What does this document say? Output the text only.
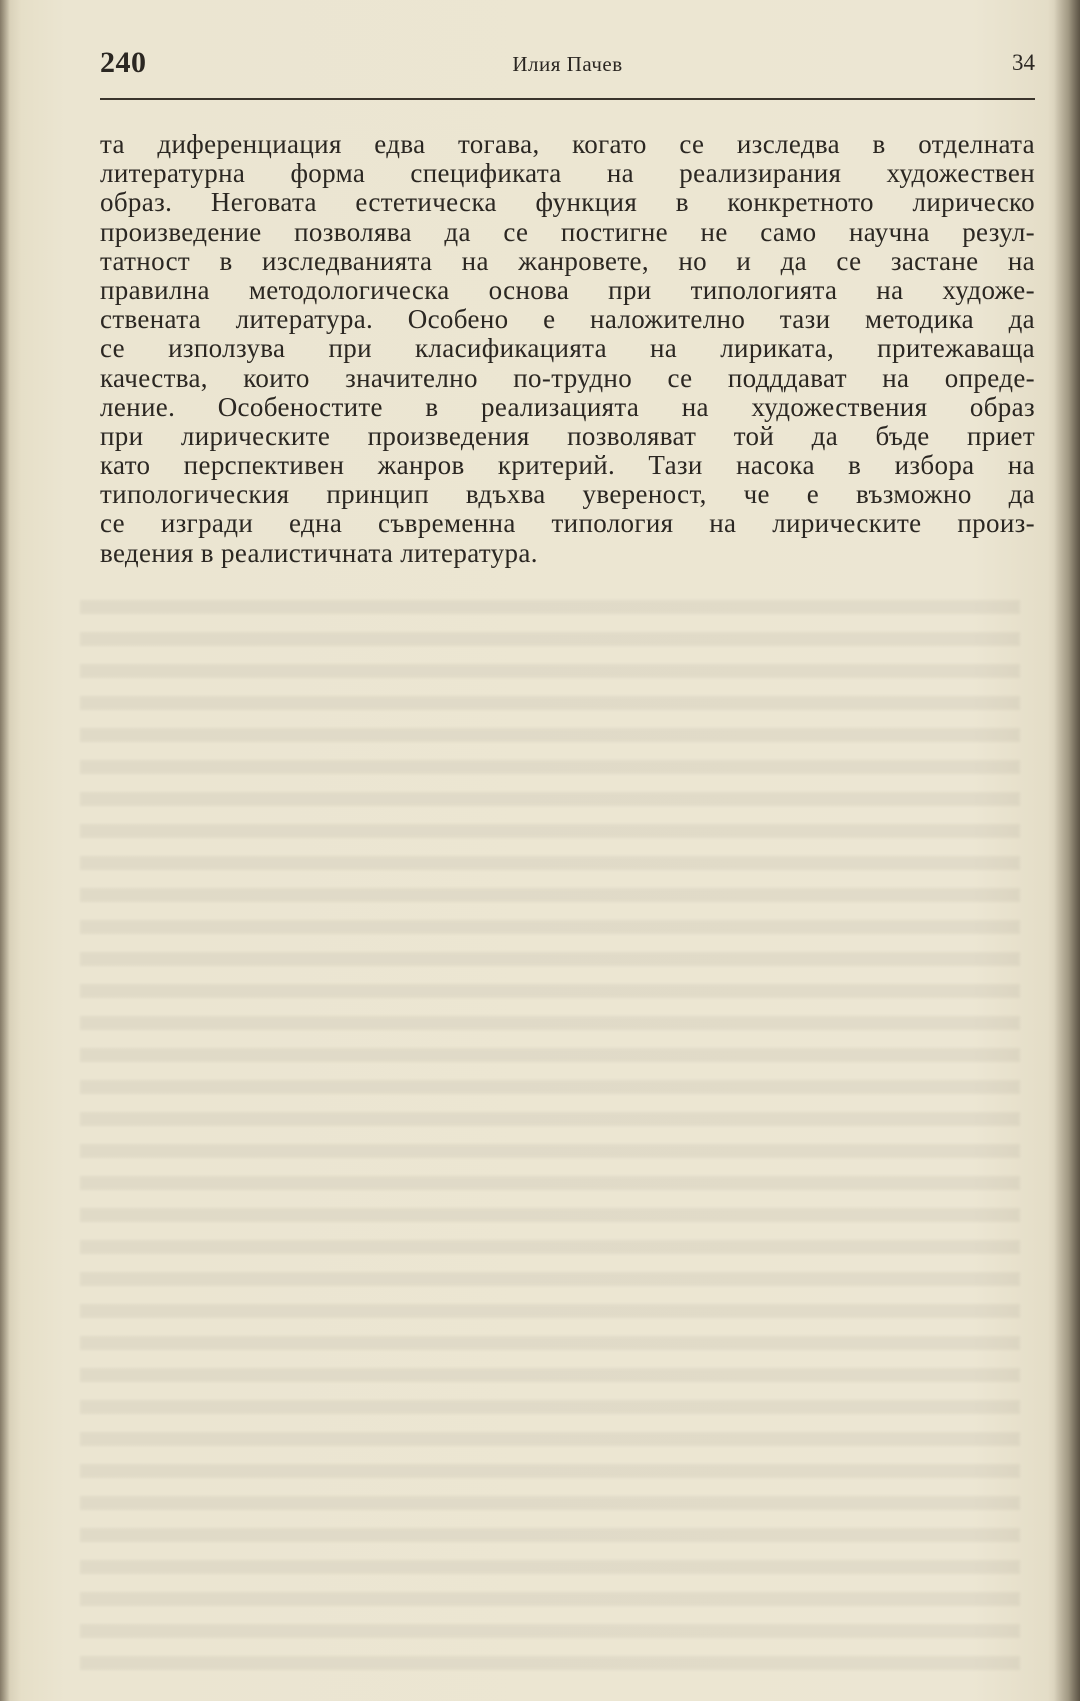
240	Илия Пачев	34
та диференциация едва тогава, когато се изследва в отделната
литературна форма спецификата на реализирания художествен
образ. Неговата естетическа функция в конкретното лирическо
произведение позволява да се постигне не само научна резул-
татност в изследванията на жанровете, но и да се застане на
правилна методологическа основа при типологията на художе-
ствената литература. Особено е наложително тази методика да
се използува при класификацията на лириката, притежаваща
качества, които значително по-трудно се подддават на опреде-
ление. Особеностите в реализацията на художествения образ
при лирическите произведения позволяват той да бъде приет
като перспективен жанров критерий. Тази насока в избора на
типологическия принцип вдъхва увереност, че е възможно да
се изгради една съвременна типология на лирическите произ-
ведения в реалистичната литература.
